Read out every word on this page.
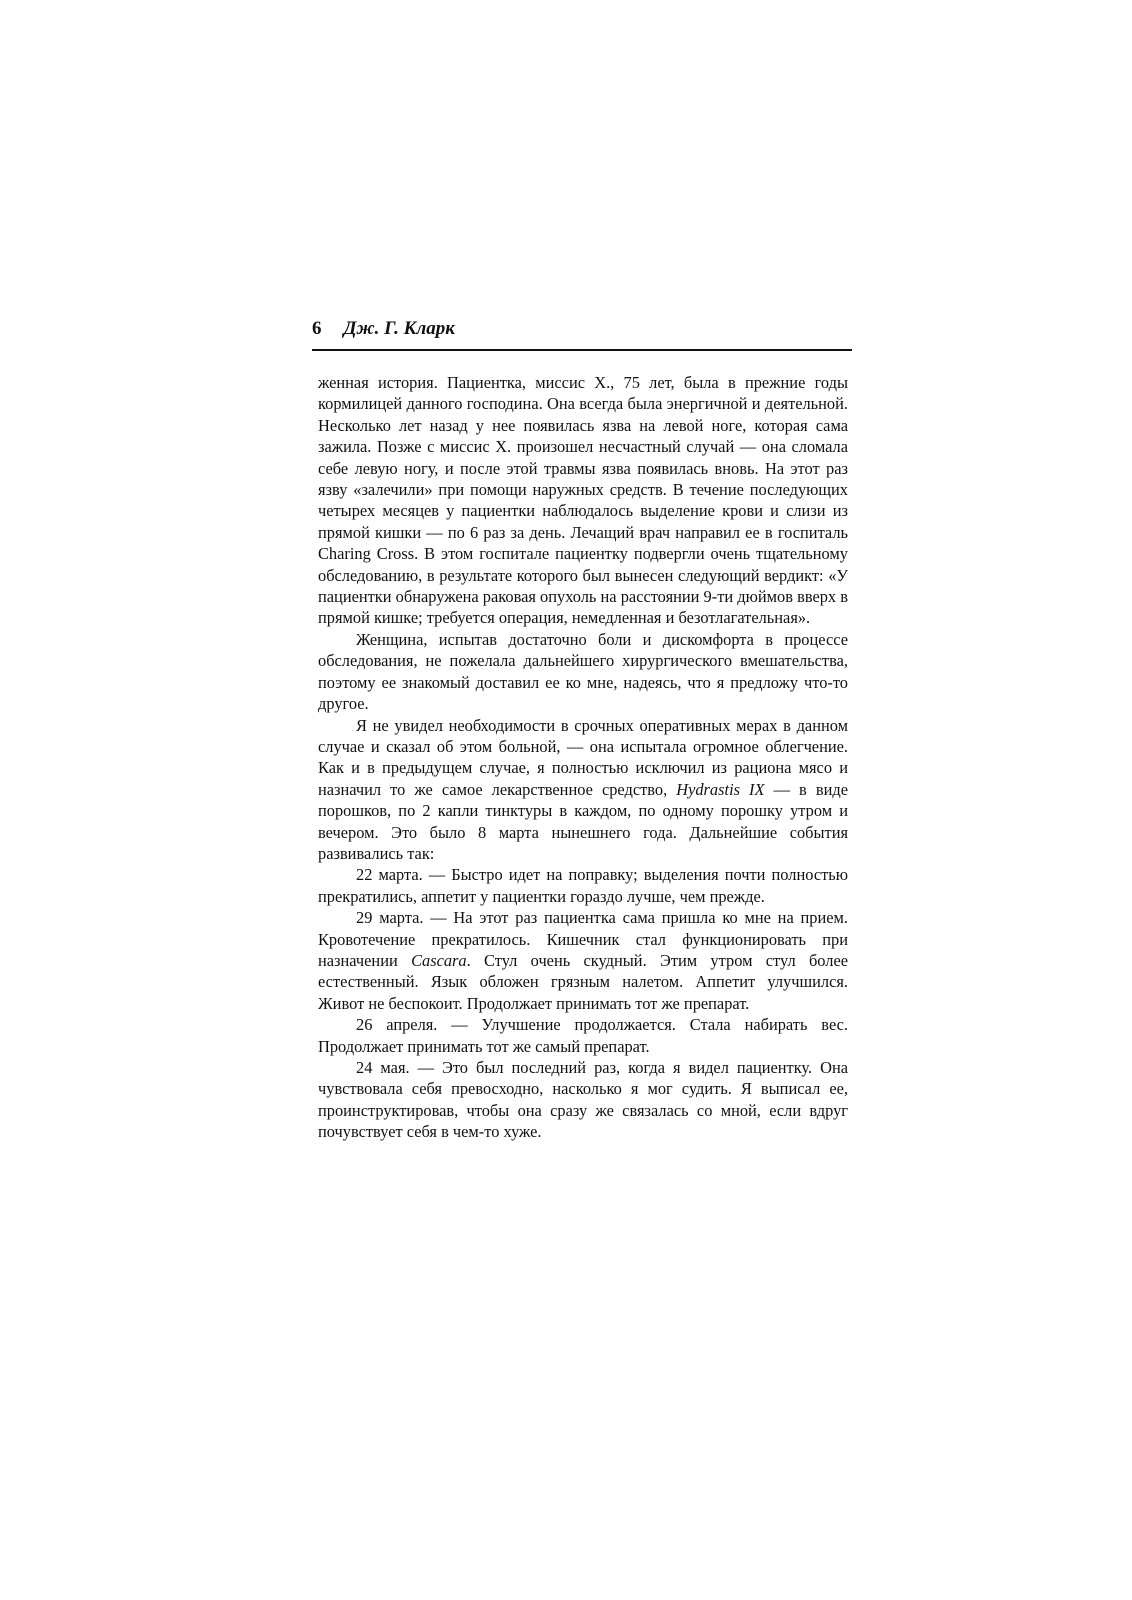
6 Дж. Г. Кларк

женная история. Пациентка, миссис X., 75 лет, была в прежние годы кормилицей данного господина. Она всегда была энергичной и деятельной. Несколько лет назад у нее появилась язва на левой ноге, которая сама зажила. Позже с миссис X. произошел несчастный случай — она сломала себе левую ногу, и после этой травмы язва появилась вновь. На этот раз язву «залечили» при помощи наружных средств. В течение последующих четырех месяцев у пациентки наблюдалось выделение крови и слизи из прямой кишки — по 6 раз за день. Лечащий врач направил ее в госпиталь Charing Cross. В этом госпитале пациентку подвергли очень тщательному обследованию, в результате которого был вынесен следующий вердикт: «У пациентки обнаружена раковая опухоль на расстоянии 9-ти дюймов вверх в прямой кишке; требуется операция, немедленная и безотлагательная».

Женщина, испытав достаточно боли и дискомфорта в процессе обследования, не пожелала дальнейшего хирургического вмешательства, поэтому ее знакомый доставил ее ко мне, надеясь, что я предложу что-то другое.

Я не увидел необходимости в срочных оперативных мерах в данном случае и сказал об этом больной, — она испытала огромное облегчение. Как и в предыдущем случае, я полностью исключил из рациона мясо и назначил то же самое лекарственное средство, Hydrastis IX — в виде порошков, по 2 капли тинктуры в каждом, по одному порошку утром и вечером. Это было 8 марта нынешнего года. Дальнейшие события развивались так:

22 марта. — Быстро идет на поправку; выделения почти полностью прекратились, аппетит у пациентки гораздо лучше, чем прежде.

29 марта. — На этот раз пациентка сама пришла ко мне на прием. Кровотечение прекратилось. Кишечник стал функционировать при назначении Cascara. Стул очень скудный. Этим утром стул более естественный. Язык обложен грязным налетом. Аппетит улучшился. Живот не беспокоит. Продолжает принимать тот же препарат.

26 апреля. — Улучшение продолжается. Стала набирать вес. Продолжает принимать тот же самый препарат.

24 мая. — Это был последний раз, когда я видел пациентку. Она чувствовала себя превосходно, насколько я мог судить. Я выписал ее, проинструктировав, чтобы она сразу же связалась со мной, если вдруг почувствует себя в чем-то хуже.
